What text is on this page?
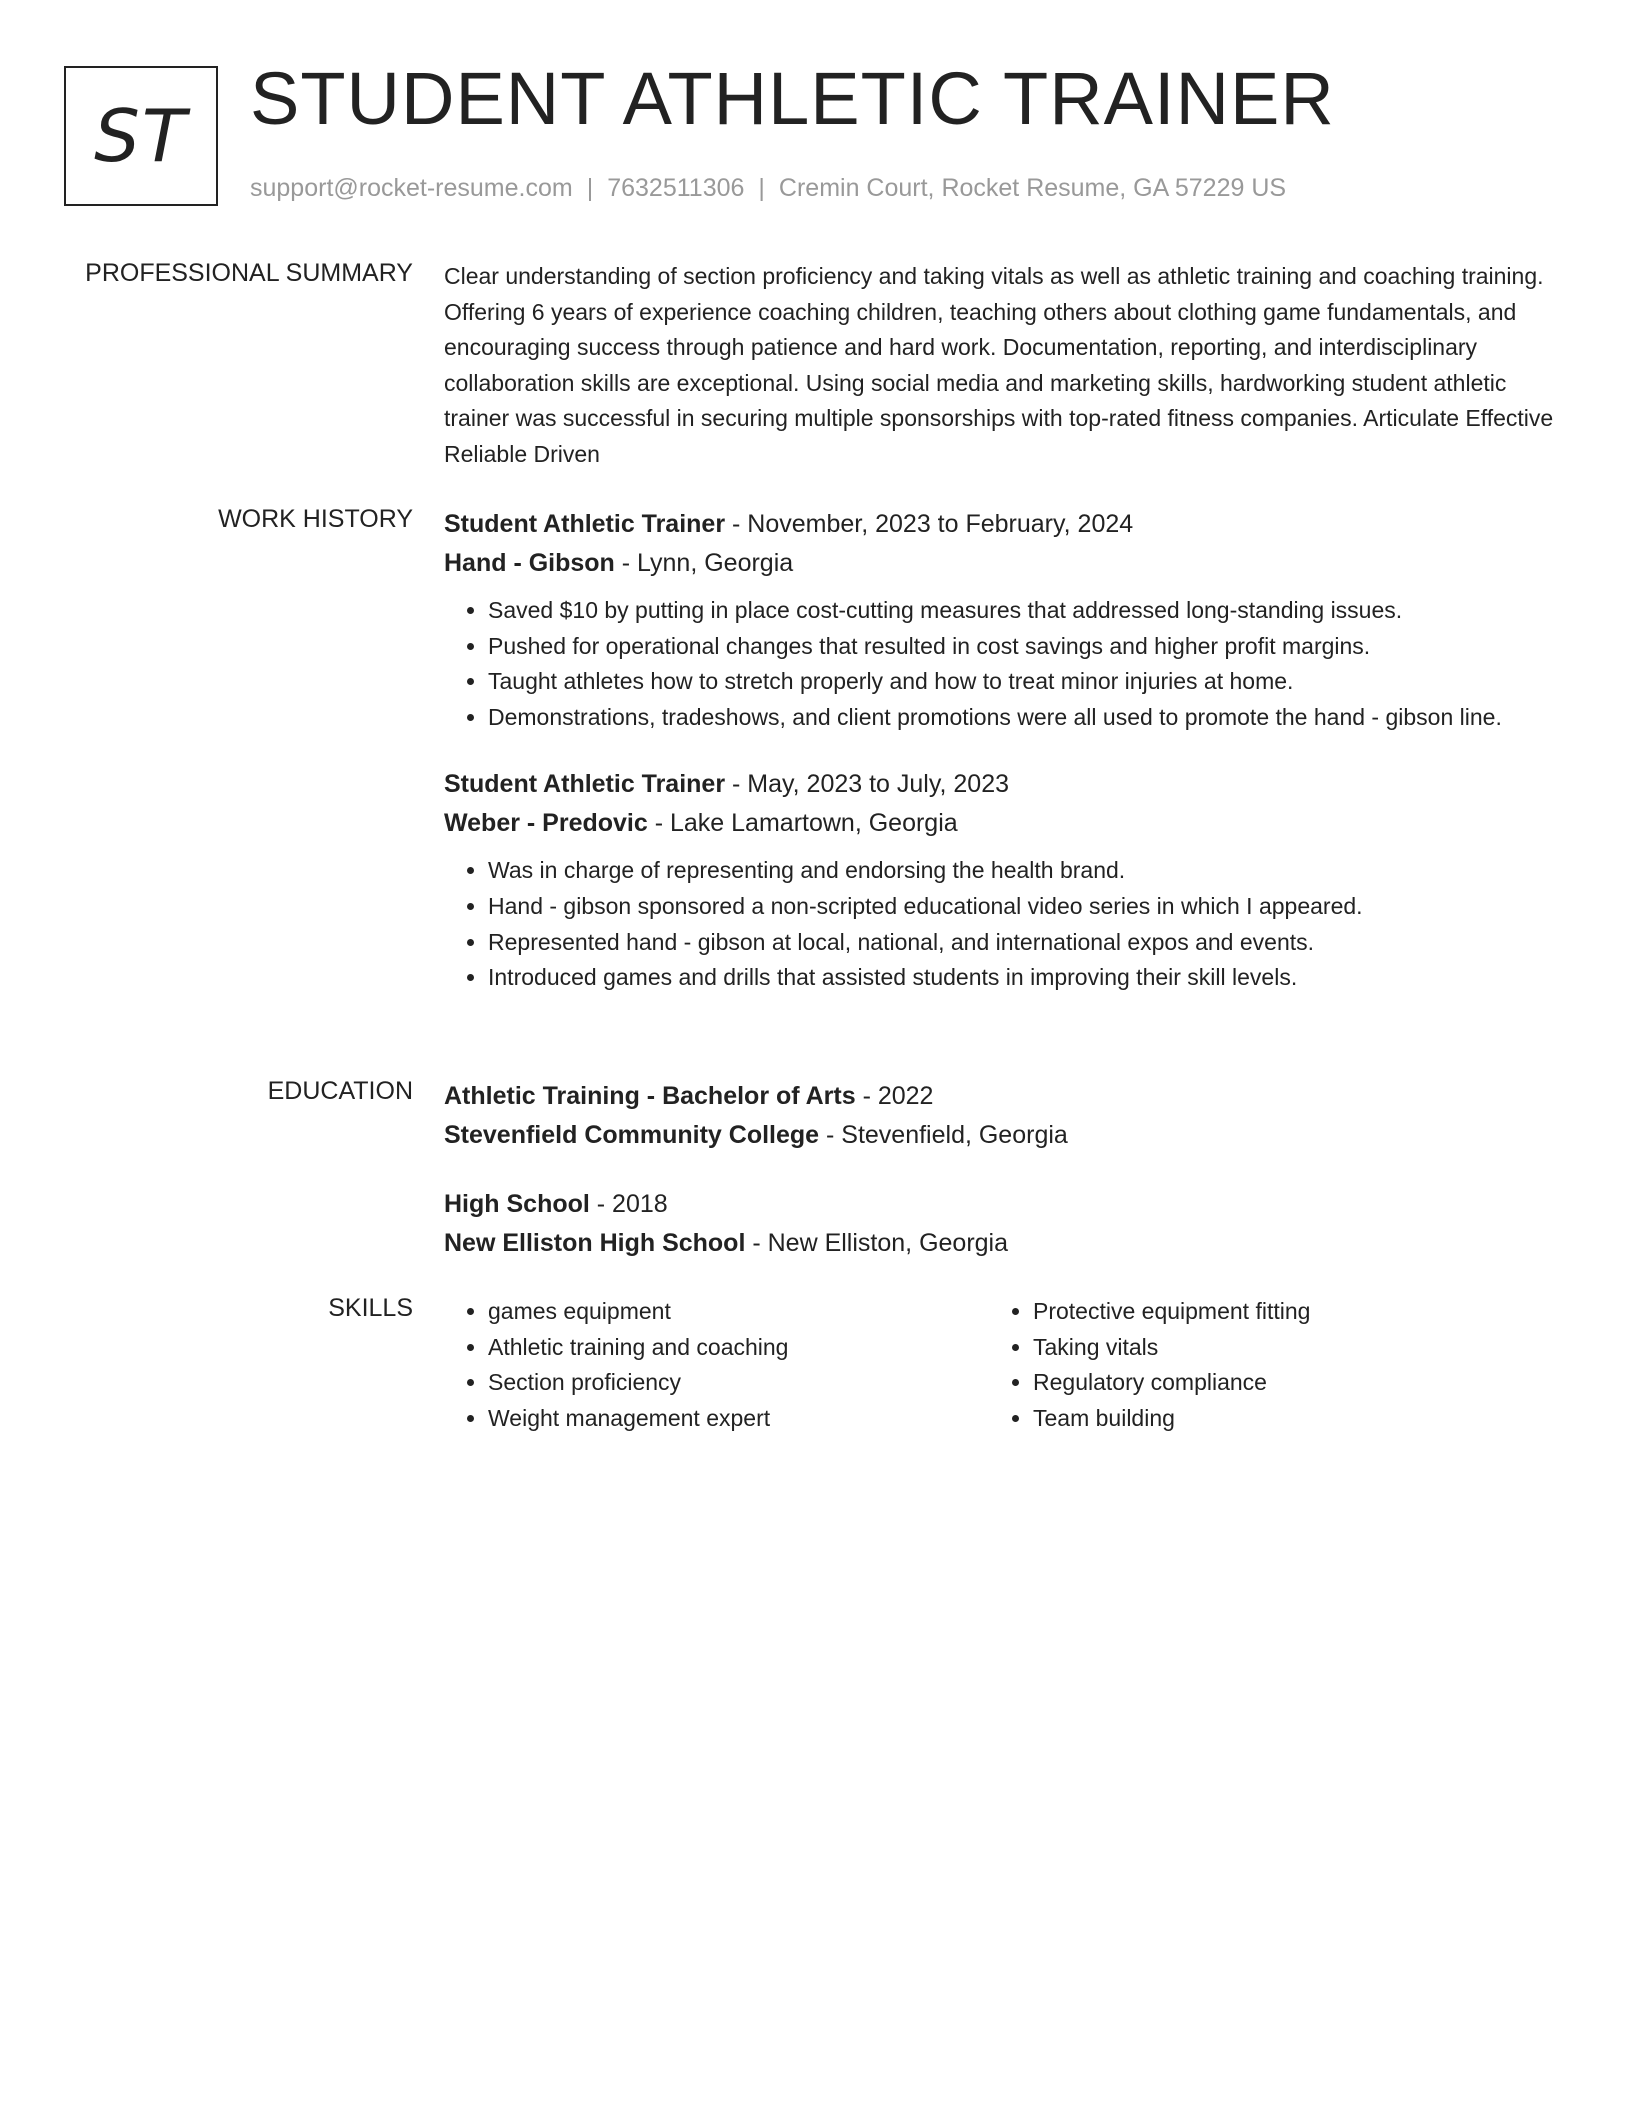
ST STUDENT ATHLETIC TRAINER
support@rocket-resume.com | 7632511306 | Cremin Court, Rocket Resume, GA 57229 US
PROFESSIONAL SUMMARY Clear understanding of section proficiency and taking vitals as well as athletic training and coaching training. Offering 6 years of experience coaching children, teaching others about clothing game fundamentals, and encouraging success through patience and hard work. Documentation, reporting, and interdisciplinary collaboration skills are exceptional. Using social media and marketing skills, hardworking student athletic trainer was successful in securing multiple sponsorships with top-rated fitness companies. Articulate Effective Reliable Driven

WORK HISTORY Student Athletic Trainer - November, 2023 to February, 2024
Hand - Gibson - Lynn, Georgia
• Saved $10 by putting in place cost-cutting measures that addressed long-standing issues.
• Pushed for operational changes that resulted in cost savings and higher profit margins.
• Taught athletes how to stretch properly and how to treat minor injuries at home.
• Demonstrations, tradeshows, and client promotions were all used to promote the hand - gibson line.
Student Athletic Trainer - May, 2023 to July, 2023
Weber - Predovic - Lake Lamartown, Georgia
• Was in charge of representing and endorsing the health brand.
• Hand - gibson sponsored a non-scripted educational video series in which I appeared.
• Represented hand - gibson at local, national, and international expos and events.
• Introduced games and drills that assisted students in improving their skill levels.
EDUCATION Athletic Training - Bachelor of Arts - 2022
Stevenfield Community College - Stevenfield, Georgia
High School - 2018
New Elliston High School - New Elliston, Georgia
SKILLS
•	games equipment
• Athletic training and coaching
• Section proficiency
• Weight management expert
• Protective equipment fitting
• Taking vitals
• Regulatory compliance
• Team building
